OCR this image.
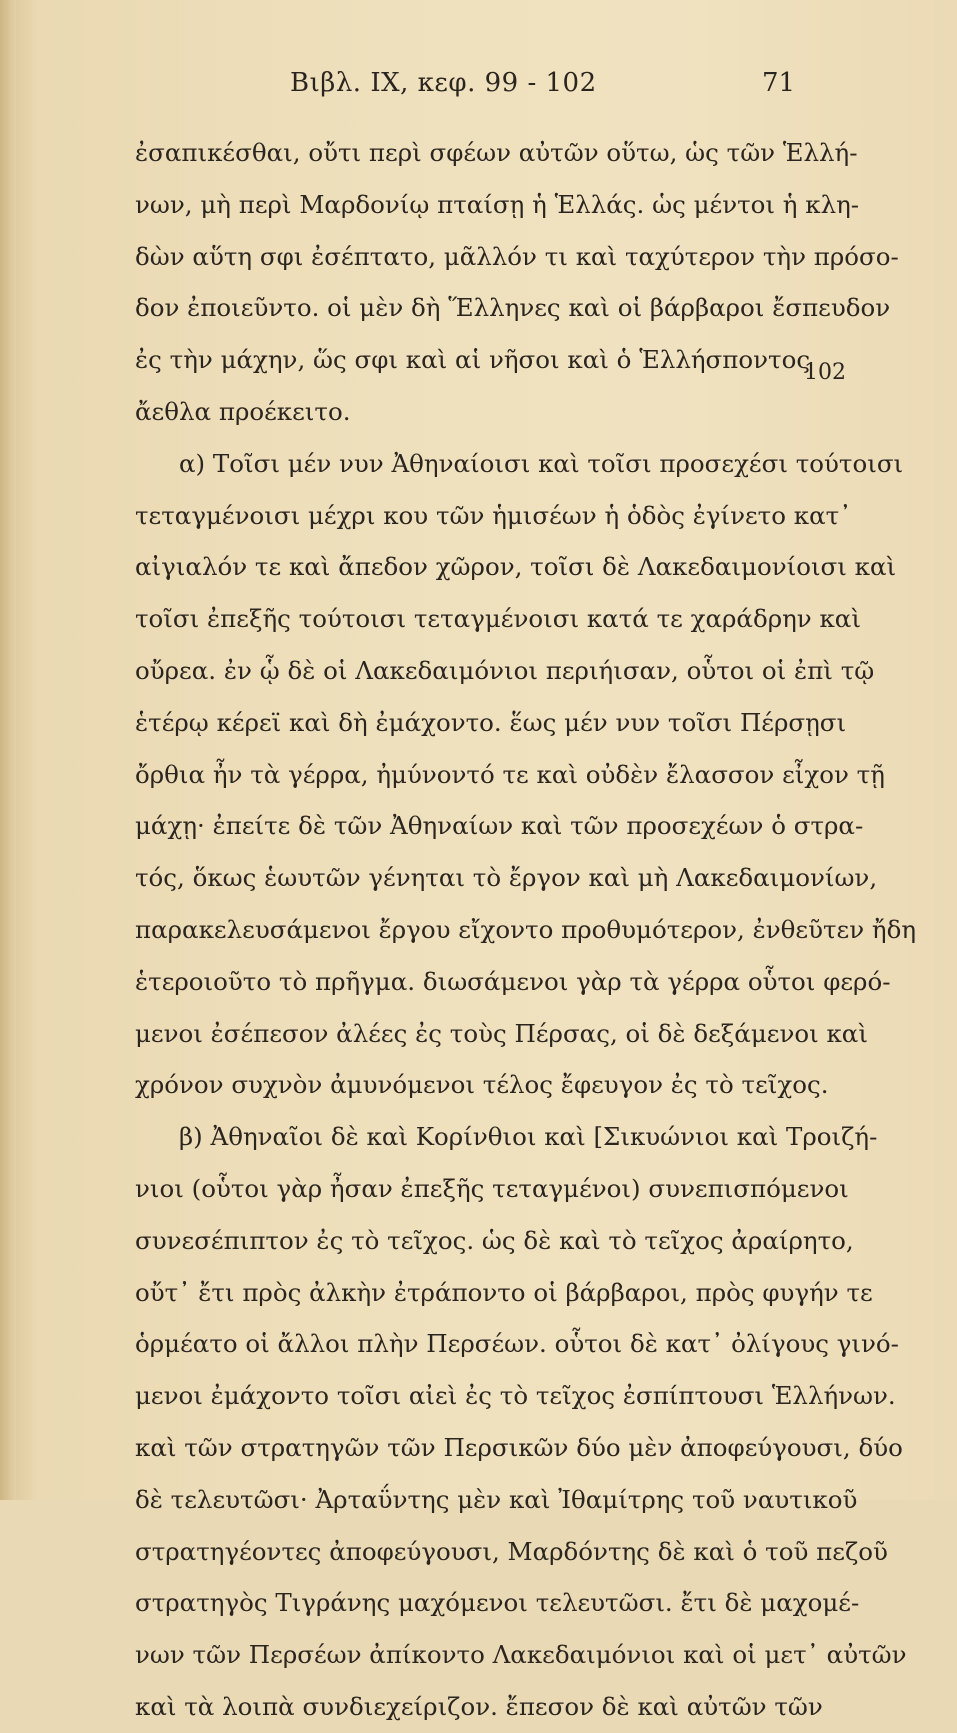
Βιβλ. IX, κεφ. 99 - 102	71
102
ἐσαπικέσθαι, οὔτι περὶ σφέων αὐτῶν οὕτω, ὡς τῶν Ἑλλή-
νων, μὴ περὶ Μαρδονίῳ πταίσῃ ἡ Ἑλλάς. ὡς μέντοι ἡ κλη-
δὼν αὕτη σφι ἐσέπτατο, μᾶλλόν τι καὶ ταχύτερον τὴν πρόσο-
δον ἐποιεῦντο. οἱ μὲν δὴ Ἕλληνες καὶ οἱ βάρβαροι ἔσπευδον
ἐς τὴν μάχην, ὥς σφι καὶ αἱ νῆσοι καὶ ὁ Ἑλλήσποντος
ἄεθλα προέκειτο.
α) Τοῖσι μέν νυν Ἀθηναίοισι καὶ τοῖσι προσεχέσι τούτοισι
τεταγμένοισι μέχρι κου τῶν ἡμισέων ἡ ὁδὸς ἐγίνετο κατ᾽
αἰγιαλόν τε καὶ ἄπεδον χῶρον, τοῖσι δὲ Λακεδαιμονίοισι καὶ
τοῖσι ἐπεξῆς τούτοισι τεταγμένοισι κατά τε χαράδρην καὶ
οὔρεα. ἐν ᾧ δὲ οἱ Λακεδαιμόνιοι περιήισαν, οὗτοι οἱ ἐπὶ τῷ
ἑτέρῳ κέρεϊ καὶ δὴ ἐμάχοντο. ἕως μέν νυν τοῖσι Πέρσῃσι
ὄρθια ἦν τὰ γέρρα, ἠμύνοντό τε καὶ οὐδὲν ἔλασσον εἶχον τῇ
μάχῃ· ἐπείτε δὲ τῶν Ἀθηναίων καὶ τῶν προσεχέων ὁ στρα-
τός, ὅκως ἑωυτῶν γένηται τὸ ἔργον καὶ μὴ Λακεδαιμονίων,
παρακελευσάμενοι ἔργου εἴχοντο προθυμότερον, ἐνθεῦτεν ἤδη
ἑτεροιοῦτο τὸ πρῆγμα. διωσάμενοι γὰρ τὰ γέρρα οὗτοι φερό-
μενοι ἐσέπεσον ἀλέες ἐς τοὺς Πέρσας, οἱ δὲ δεξάμενοι καὶ
χρόνον συχνὸν ἀμυνόμενοι τέλος ἔφευγον ἐς τὸ τεῖχος.
β) Ἀθηναῖοι δὲ καὶ Κορίνθιοι καὶ [Σικυώνιοι καὶ Τροιζή-
νιοι (οὗτοι γὰρ ἦσαν ἐπεξῆς τεταγμένοι) συνεπισπόμενοι
συνεσέπιπτον ἐς τὸ τεῖχος. ὡς δὲ καὶ τὸ τεῖχος ἀραίρητο,
οὔτ᾽ ἔτι πρὸς ἀλκὴν ἐτράποντο οἱ βάρβαροι, πρὸς φυγήν τε
ὁρμέατο οἱ ἄλλοι πλὴν Περσέων. οὗτοι δὲ κατ᾽ ὀλίγους γινό-
μενοι ἐμάχοντο τοῖσι αἰεὶ ἐς τὸ τεῖχος ἐσπίπτουσι Ἑλλήνων.
καὶ τῶν στρατηγῶν τῶν Περσικῶν δύο μὲν ἀποφεύγουσι, δύο
δὲ τελευτῶσι· Ἀρταΰντης μὲν καὶ Ἰθαμίτρης τοῦ ναυτικοῦ
στρατηγέοντες ἀποφεύγουσι, Μαρδόντης δὲ καὶ ὁ τοῦ πεζοῦ
στρατηγὸς Τιγράνης μαχόμενοι τελευτῶσι. ἔτι δὲ μαχομέ-
νων τῶν Περσέων ἀπίκοντο Λακεδαιμόνιοι καὶ οἱ μετ᾽ αὐτῶν
καὶ τὰ λοιπὰ συνδιεχείριζον. ἔπεσον δὲ καὶ αὐτῶν τῶν
